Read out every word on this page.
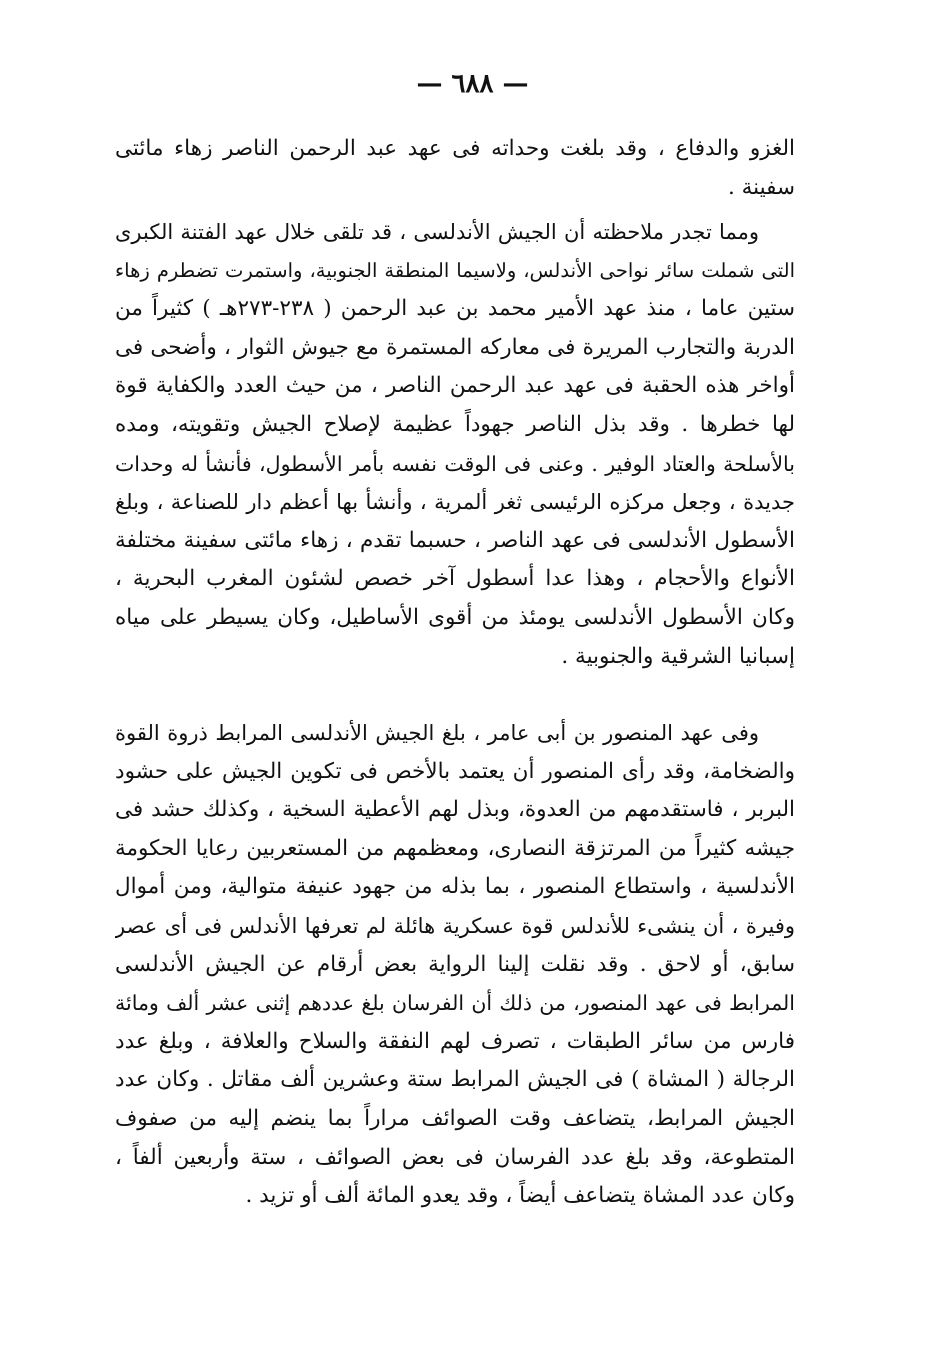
— ٦٨٨ —
الغزو والدفاع ، وقد بلغت وحداته فى عهد عبد الرحمن الناصر زهاء مائتى
سفينة .
ومما تجدر ملاحظته أن الجيش الأندلسى ، قد تلقى خلال عهد الفتنة الكبرى
التى شملت سائر نواحى الأندلس، ولاسيما المنطقة الجنوبية، واستمرت تضطرم زهاء
ستين عاما ، منذ عهد الأمير محمد بن عبد الرحمن ( ٢٣٨-٢٧٣هـ ) كثيراً من
الدربة والتجارب المريرة فى معاركه المستمرة مع جيوش الثوار ، وأضحى فى
أواخر هذه الحقبة فى عهد عبد الرحمن الناصر ، من حيث العدد والكفاية قوة
لها خطرها . وقد بذل الناصر جهوداً عظيمة لإصلاح الجيش وتقويته، ومده
بالأسلحة والعتاد الوفير . وعنى فى الوقت نفسه بأمر الأسطول، فأنشأ له وحدات
جديدة ، وجعل مركزه الرئيسى ثغر ألمرية ، وأنشأ بها أعظم دار للصناعة ، وبلغ
الأسطول الأندلسى فى عهد الناصر ، حسبما تقدم ، زهاء مائتى سفينة مختلفة
الأنواع والأحجام ، وهذا عدا أسطول آخر خصص لشئون المغرب البحرية ،
وكان الأسطول الأندلسى يومئذ من أقوى الأساطيل، وكان يسيطر على مياه
إسبانيا الشرقية والجنوبية .
وفى عهد المنصور بن أبى عامر ، بلغ الجيش الأندلسى المرابط ذروة القوة
والضخامة، وقد رأى المنصور أن يعتمد بالأخص فى تكوين الجيش على حشود
البربر ، فاستقدمهم من العدوة، وبذل لهم الأعطية السخية ، وكذلك حشد فى
جيشه كثيراً من المرتزقة النصارى، ومعظمهم من المستعربين رعايا الحكومة
الأندلسية ، واستطاع المنصور ، بما بذله من جهود عنيفة متوالية، ومن أموال
وفيرة ، أن ينشىء للأندلس قوة عسكرية هائلة لم تعرفها الأندلس فى أى عصر
سابق، أو لاحق . وقد نقلت إلينا الرواية بعض أرقام عن الجيش الأندلسى
المرابط فى عهد المنصور، من ذلك أن الفرسان بلغ عددهم إثنى عشر ألف ومائة
فارس من سائر الطبقات ، تصرف لهم النفقة والسلاح والعلافة ، وبلغ عدد
الرجالة ( المشاة ) فى الجيش المرابط ستة وعشرين ألف مقاتل . وكان عدد
الجيش المرابط، يتضاعف وقت الصوائف مراراً بما ينضم إليه من صفوف
المتطوعة، وقد بلغ عدد الفرسان فى بعض الصوائف ، ستة وأربعين ألفاً ،
وكان عدد المشاة يتضاعف أيضاً ، وقد يعدو المائة ألف أو تزيد .
